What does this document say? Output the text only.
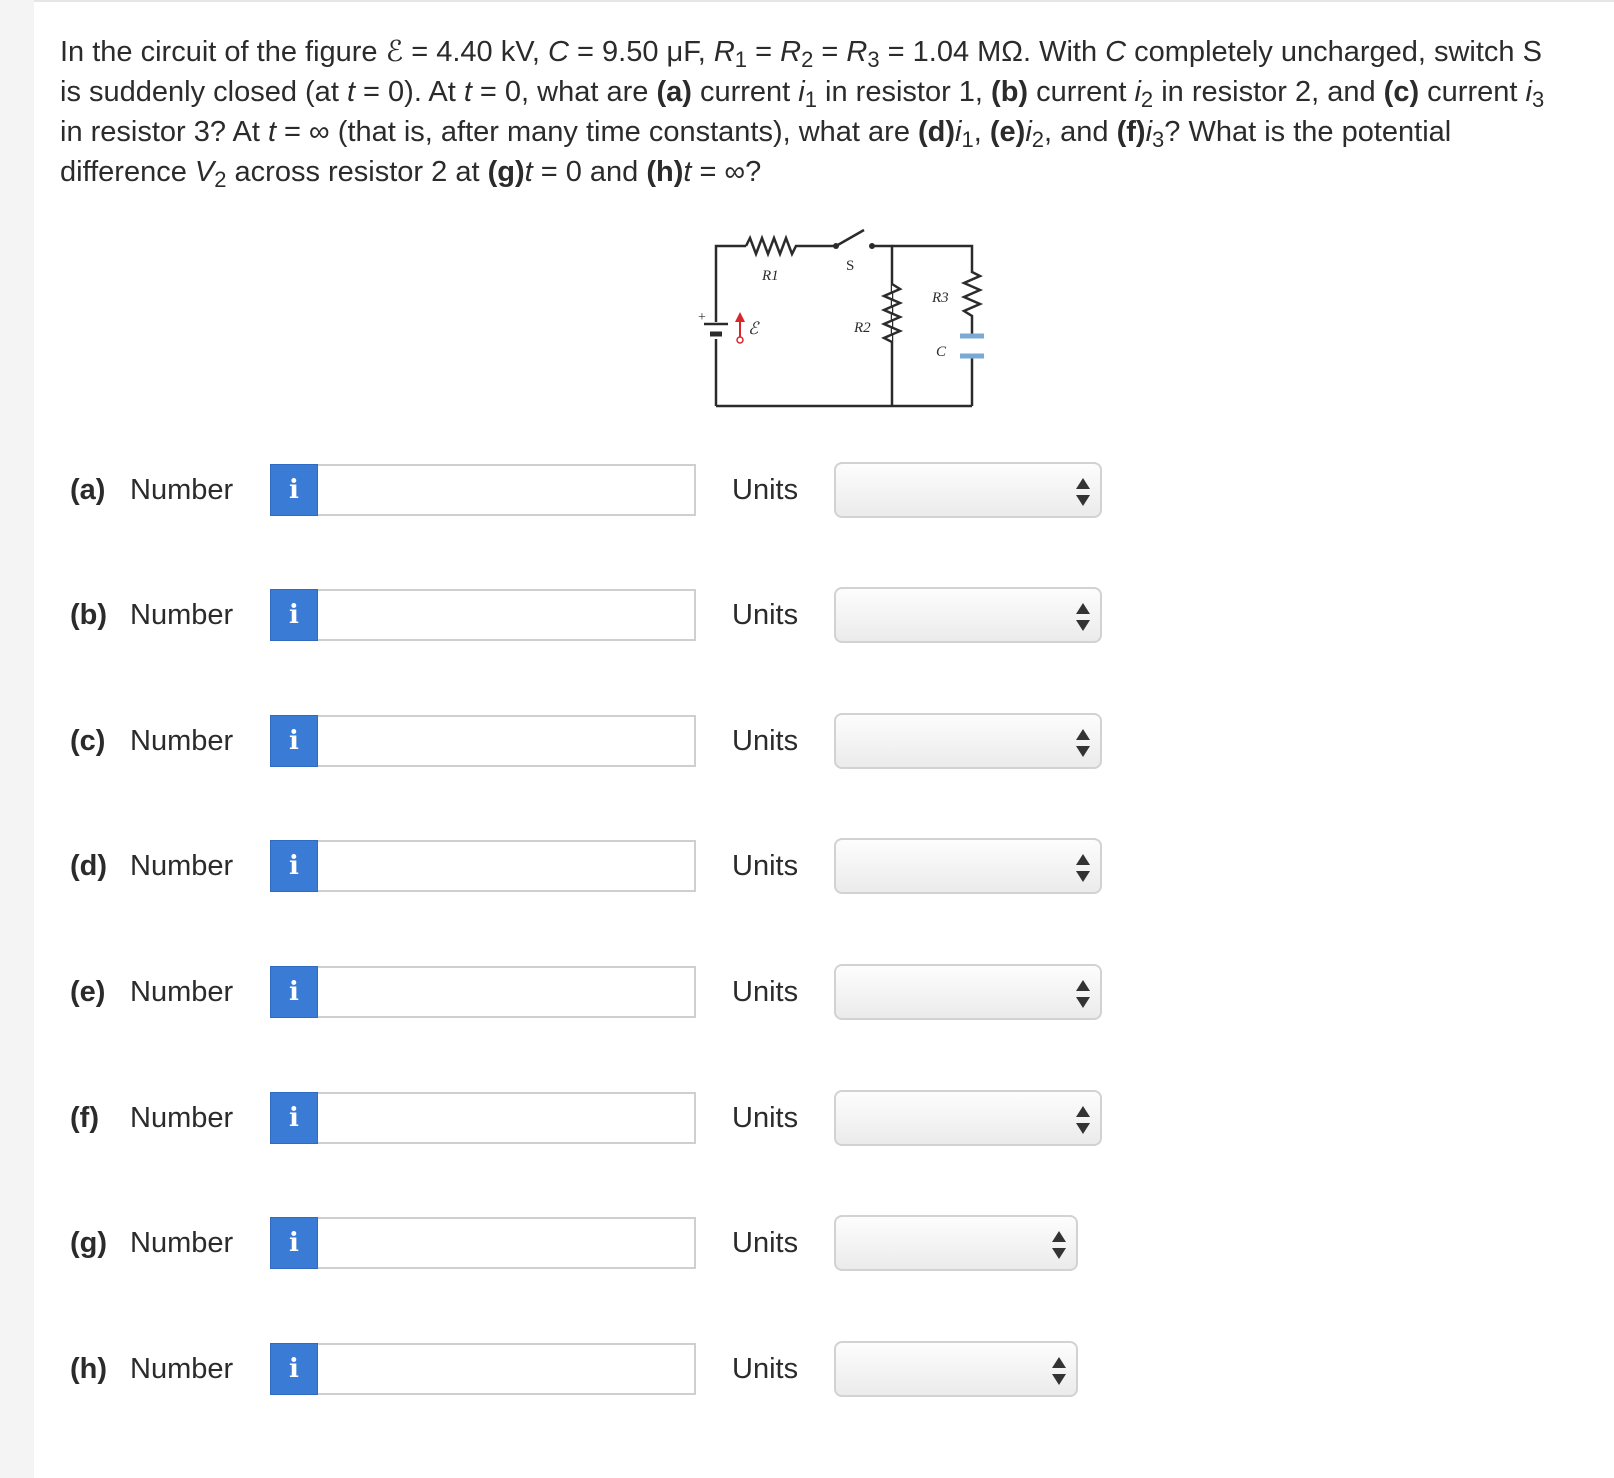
In the circuit of the figure ℰ = 4.40 kV, C = 9.50 μF, $R_1 = R_2 = R_3 = 1.04$ MΩ. With C completely uncharged, switch S is suddenly closed (at t = 0). At t = 0, what are (a) current $i_1$ in resistor 1, (b) current $i_2$ in resistor 2, and (c) current $i_3$ in resistor 3? At t = ∞ (that is, after many time constants), what are $(d)i_1$, $(e)i_2$, and $(f)i_3$? What is the potential difference $V_2$ across resistor 2 at (g)t = 0 and (h)t = ∞?
+
ℰ
R1
S
R2
R3
C
(a) Number i	Units
(b) Number i	Units
(c) Number i	Units
(d) Number i	Units
(e) Number i	Units
(f) Number i	Units
(g) Number i	Units
(h) Number i	Units
